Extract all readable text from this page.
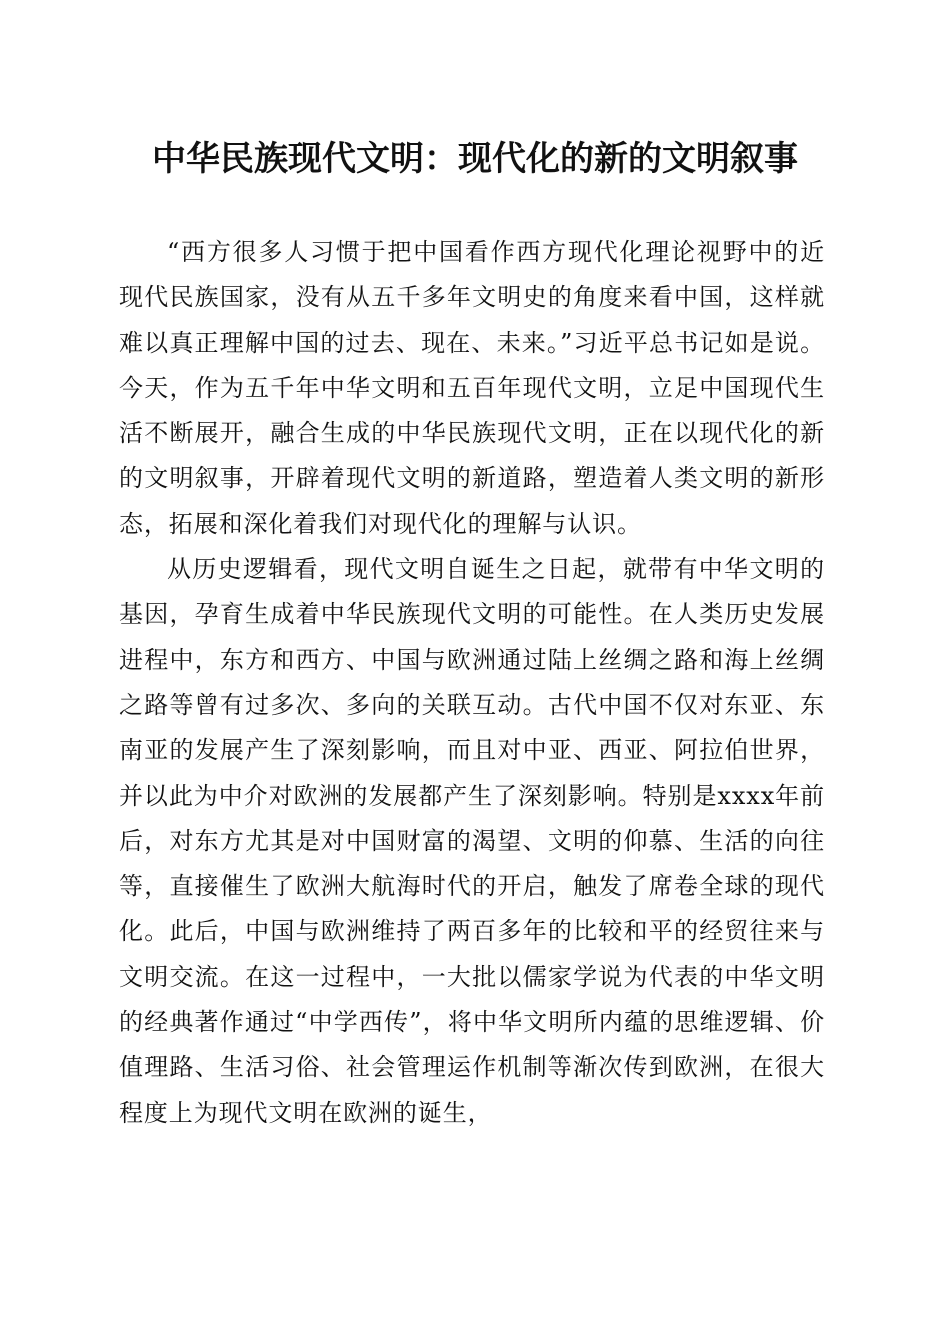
中华民族现代文明：现代化的新的文明叙事

“西方很多人习惯于把中国看作西方现代化理论视野中的近现代民族国家，没有从五千多年文明史的角度来看中国，这样就难以真正理解中国的过去、现在、未来。”习近平总书记如是说。今天，作为五千年中华文明和五百年现代文明，立足中国现代生活不断展开，融合生成的中华民族现代文明，正在以现代化的新的文明叙事，开辟着现代文明的新道路，塑造着人类文明的新形态，拓展和深化着我们对现代化的理解与认识。

从历史逻辑看，现代文明自诞生之日起，就带有中华文明的基因，孕育生成着中华民族现代文明的可能性。在人类历史发展进程中，东方和西方、中国与欧洲通过陆上丝绸之路和海上丝绸之路等曾有过多次、多向的关联互动。古代中国不仅对东亚、东南亚的发展产生了深刻影响，而且对中亚、西亚、阿拉伯世界，并以此为中介对欧洲的发展都产生了深刻影响。特别是xxxx年前后，对东方尤其是对中国财富的渴望、文明的仰慕、生活的向往等，直接催生了欧洲大航海时代的开启，触发了席卷全球的现代化。此后，中国与欧洲维持了两百多年的比较和平的经贸往来与文明交流。在这一过程中，一大批以儒家学说为代表的中华文明的经典著作通过“中学西传”，将中华文明所内蕴的思维逻辑、价值理路、生活习俗、社会管理运作机制等渐次传到欧洲，在很大程度上为现代文明在欧洲的诞生，
